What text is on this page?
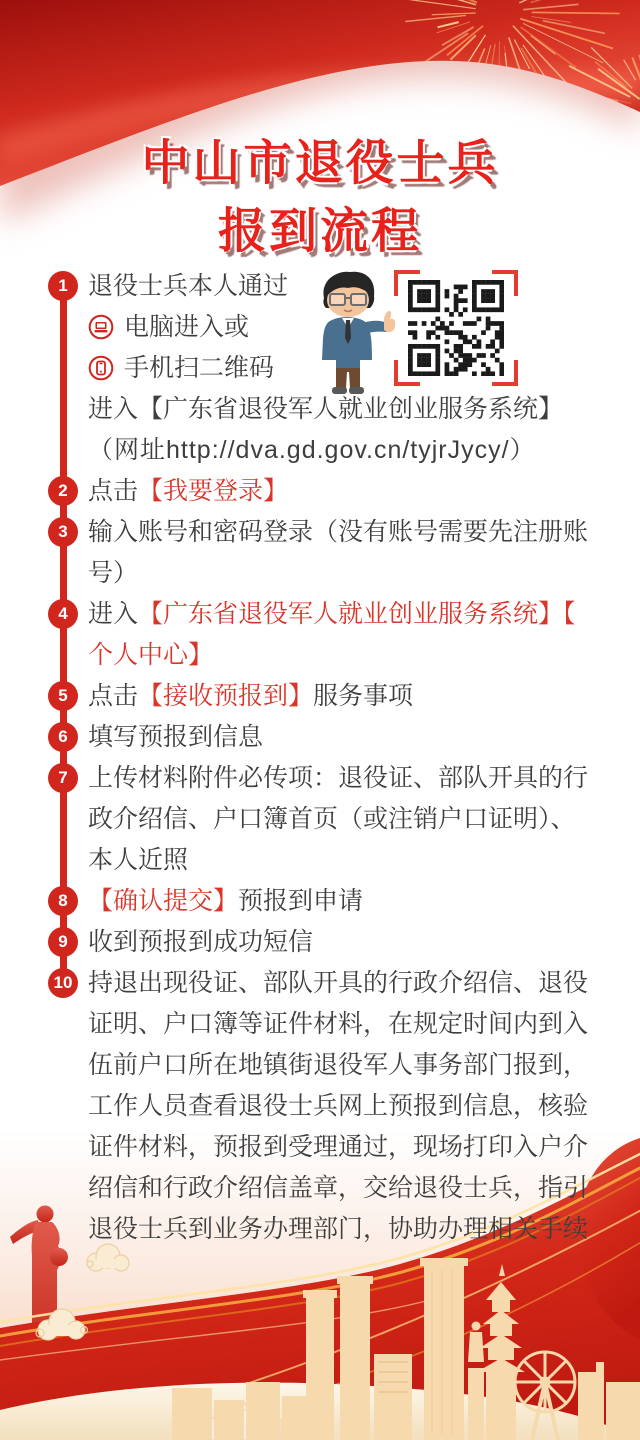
中山市退役士兵
报到流程
1 退役士兵本人通过
电脑进入或
手机扫二维码
进入【广东省退役军人就业创业服务系统】
（网址http://dva.gd.gov.cn/tyjrJycy/）
2 点击【我要登录】
3 输入账号和密码登录（没有账号需要先注册账号）
4 进入【广东省退役军人就业创业服务系统】【个人中心】
5 点击【接收预报到】服务事项
6 填写预报到信息
7 上传材料附件必传项：退役证、部队开具的行政介绍信、户口簿首页（或注销户口证明）、本人近照
8 【确认提交】预报到申请
9 收到预报到成功短信
10 持退出现役证、部队开具的行政介绍信、退役证明、户口簿等证件材料，在规定时间内到入伍前户口所在地镇街退役军人事务部门报到，工作人员查看退役士兵网上预报到信息，核验证件材料，预报到受理通过，现场打印入户介绍信和行政介绍信盖章，交给退役士兵，指引退役士兵到业务办理部门，协助办理相关手续
